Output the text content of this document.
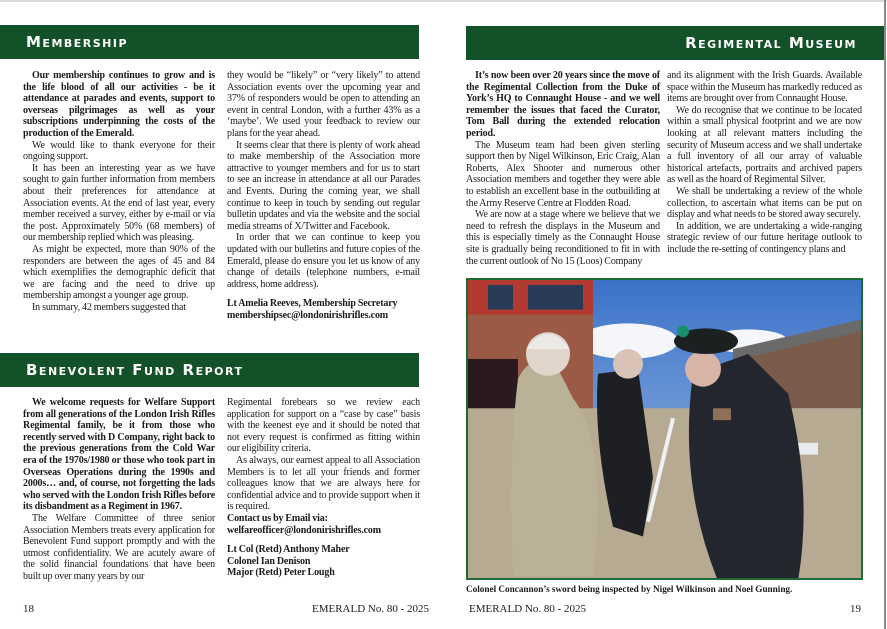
Membership

Our membership continues to grow and is the life blood of all our activities - be it attendance at parades and events, support to overseas pilgrimages as well as your subscriptions underpinning the costs of the production of the Emerald.

We would like to thank everyone for their ongoing support.

It has been an interesting year as we have sought to gain further information from members about their preferences for attendance at Association events. At the end of last year, every member received a survey, either by e-mail or via the post. Approximately 50% (68 members) of our membership replied which was pleasing.

As might be expected, more than 90% of the responders are between the ages of 45 and 84 which exemplifies the demographic deficit that we are facing and the need to drive up membership amongst a younger age group.

In summary, 42 members suggested that

they would be “likely” or “very likely” to attend Association events over the upcoming year and 37% of responders would be open to attending an event in central London, with a further 43% as a ‘maybe’. We used your feedback to review our plans for the year ahead.

It seems clear that there is plenty of work ahead to make membership of the Association more attractive to younger members and for us to start to see an increase in attendance at all our Parades and Events. During the coming year, we shall continue to keep in touch by sending out regular bulletin updates and via the website and the social media streams of X/Twitter and Facebook.

In order that we can continue to keep you updated with our bulletins and future copies of the Emerald, please do ensure you let us know of any change of details (telephone numbers, e-mail address, home address).

Lt Amelia Reeves, Membership Secretary

membershipsec@londonirishrifles.com

Benevolent Fund Report

We welcome requests for Welfare Support from all generations of the London Irish Rifles Regimental family, be it from those who recently served with D Company, right back to the previous generations from the Cold War era of the 1970s/1980 or those who took part in Overseas Operations during the 1990s and 2000s… and, of course, not forgetting the lads who served with the London Irish Rifles before its disbandment as a Regiment in 1967.

The Welfare Committee of three senior Association Members treats every application for Benevolent Fund support promptly and with the utmost confidentiality. We are acutely aware of the solid financial foundations that have been built up over many years by our

Regimental forebears so we review each application for support on a “case by case” basis with the keenest eye and it should be noted that not every request is confirmed as fitting within our eligibility criteria.

As always, our earnest appeal to all Association Members is to let all your friends and former colleagues know that we are always here for confidential advice and to provide support when it is required.

Contact us by Email via:

welfareofficer@londonirishrifles.com

Lt Col (Retd) Anthony Maher

Colonel Ian Denison

Major (Retd) Peter Lough

18	EMERALD No. 80 - 2025
Regimental Museum

It’s now been over 20 years since the move of the Regimental Collection from the Duke of York’s HQ to Connaught House - and we well remember the issues that faced the Curator, Tom Ball during the extended relocation period.

The Museum team had been given sterling support then by Nigel Wilkinson, Eric Craig, Alan Roberts, Alex Shooter and numerous other Association members and together they were able to establish an excellent base in the outbuilding at the Army Reserve Centre at Flodden Road.

We are now at a stage where we believe that we need to refresh the displays in the Museum and this is especially timely as the Connaught House site is gradually being reconditioned to fit in with the current outlook of No 15 (Loos) Company

and its alignment with the Irish Guards. Available space within the Museum has markedly reduced as items are brought over from Connaught House.

We do recognise that we continue to be located within a small physical footprint and we are now looking at all relevant matters including the security of Museum access and we shall undertake a full inventory of all our array of valuable historical artefacts, portraits and archived papers as well as the hoard of Regimental Silver.

We shall be undertaking a review of the whole collection, to ascertain what items can be put on display and what needs to be stored away securely.

In addition, we are undertaking a wide-ranging strategic review of our future heritage outlook to include the re-setting of contingency plans and

Colonel Concannon’s sword being inspected by Nigel Wilkinson and Noel Gunning.
EMERALD No. 80 - 2025	19
